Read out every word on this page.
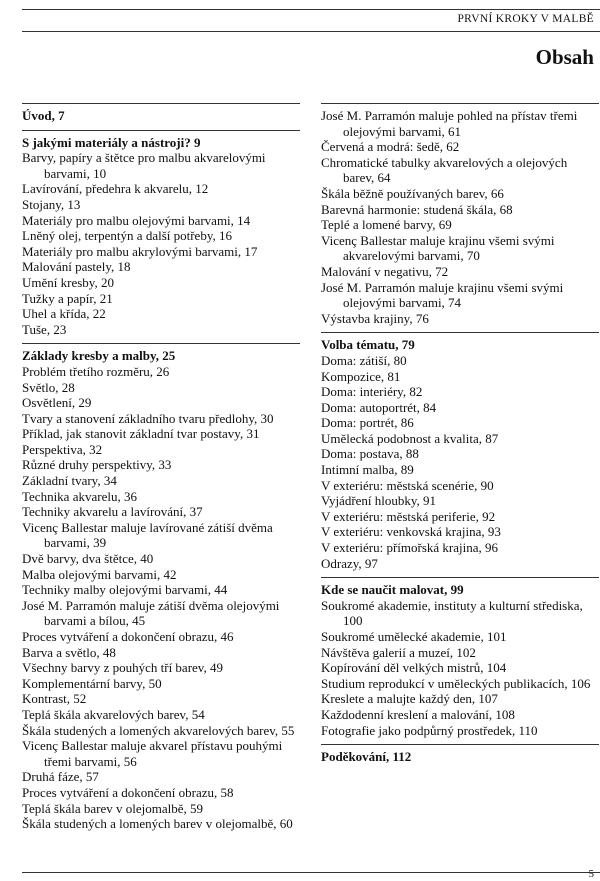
PRVNÍ KROKY V MALBĚ
Obsah
Úvod, 7
S jakými materiály a nástroji? 9
Barvy, papíry a štětce pro malbu akvarelovými barvami, 10
Lavírování, předehra k akvarelu, 12
Stojany, 13
Materiály pro malbu olejovými barvami, 14
Lněný olej, terpentýn a další potřeby, 16
Materiály pro malbu akrylovými barvami, 17
Malování pastely, 18
Umění kresby, 20
Tužky a papír, 21
Uhel a křída, 22
Tuše, 23
Základy kresby a malby, 25
Problém třetího rozměru, 26
Světlo, 28
Osvětlení, 29
Tvary a stanovení základního tvaru předlohy, 30
Příklad, jak stanovit základní tvar postavy, 31
Perspektiva, 32
Různé druhy perspektivy, 33
Základní tvary, 34
Technika akvarelu, 36
Techniky akvarelu a lavírování, 37
Vicenç Ballestar maluje lavírované zátiší dvěma barvami, 39
Dvě barvy, dva štětce, 40
Malba olejovými barvami, 42
Techniky malby olejovými barvami, 44
José M. Parramón maluje zátiší dvěma olejovými barvami a bílou, 45
Proces vytváření a dokončení obrazu, 46
Barva a světlo, 48
Všechny barvy z pouhých tří barev, 49
Komplementární barvy, 50
Kontrast, 52
Teplá škála akvarelových barev, 54
Škála studených a lomených akvarelových barev, 55
Vicenç Ballestar maluje akvarel přístavu pouhými třemi barvami, 56
Druhá fáze, 57
Proces vytváření a dokončení obrazu, 58
Teplá škála barev v olejomalbě, 59
Škála studených a lomených barev v olejomalbě, 60
José M. Parramón maluje pohled na přístav třemi olejovými barvami, 61
Červená a modrá: šedě, 62
Chromatické tabulky akvarelových a olejových barev, 64
Škála běžně používaných barev, 66
Barevná harmonie: studená škála, 68
Teplé a lomené barvy, 69
Vicenç Ballestar maluje krajinu všemi svými akvarelovými barvami, 70
Malování v negativu, 72
José M. Parramón maluje krajinu všemi svými olejovými barvami, 74
Výstavba krajiny, 76
Volba tématu, 79
Doma: zátiší, 80
Kompozice, 81
Doma: interiéry, 82
Doma: autoportrét, 84
Doma: portrét, 86
Umělecká podobnost a kvalita, 87
Doma: postava, 88
Intimní malba, 89
V exteriéru: městská scenérie, 90
Vyjádření hloubky, 91
V exteriéru: městská periferie, 92
V exteriéru: venkovská krajina, 93
V exteriéru: přímořská krajina, 96
Odrazy, 97
Kde se naučit malovat, 99
Soukromé akademie, instituty a kulturní střediska, 100
Soukromé umělecké akademie, 101
Návštěva galerií a muzeí, 102
Kopírování děl velkých mistrů, 104
Studium reprodukcí v uměleckých publikacích, 106
Kreslete a malujte každý den, 107
Každodenní kreslení a malování, 108
Fotografie jako podpůrný prostředek, 110
Poděkování, 112
5
